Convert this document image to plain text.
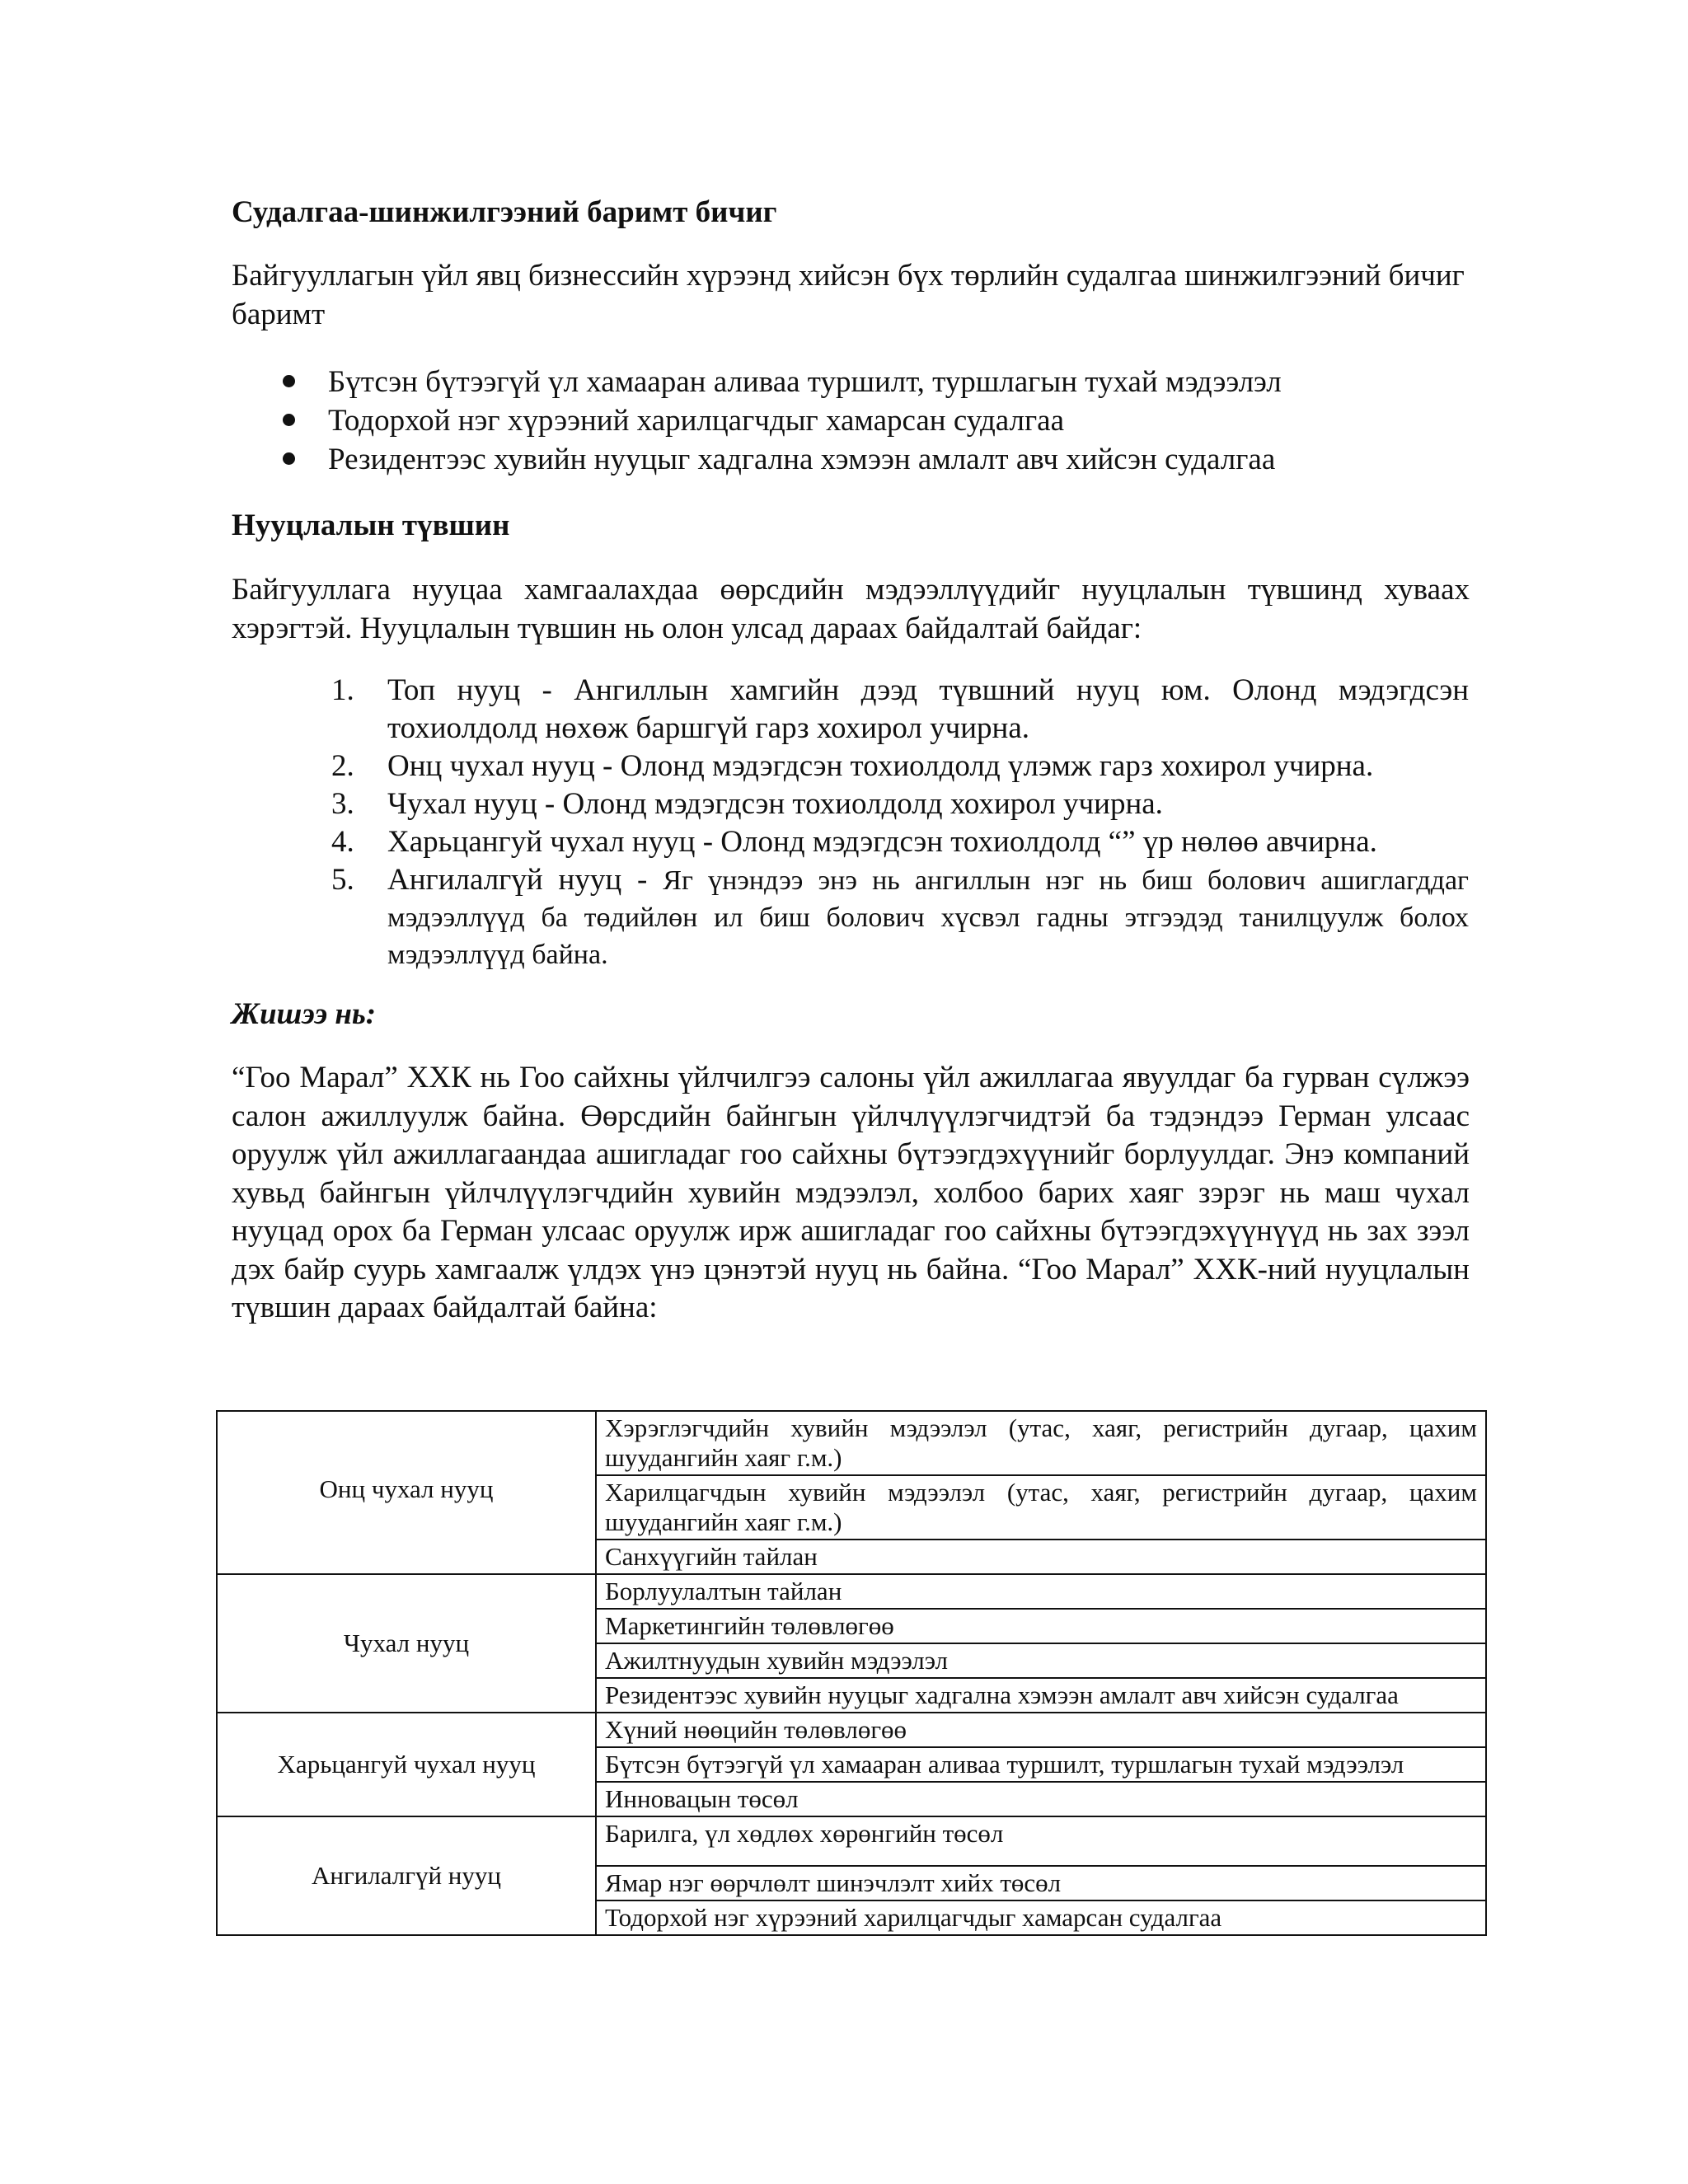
Судалгаа-шинжилгээний баримт бичиг

Байгууллагын үйл явц бизнессийн хүрээнд хийсэн бүх төрлийн судалгаа шинжилгээний бичиг баримт

Бүтсэн бүтээгүй үл хамааран аливаа туршилт, туршлагын тухай мэдээлэл
Тодорхой нэг хүрээний харилцагчдыг хамарсан судалгаа
Резидентээс хувийн нууцыг хадгална хэмээн амлалт авч хийсэн судалгаа
Нууцлалын түвшин

Байгууллага нууцаа хамгаалахдаа өөрсдийн мэдээллүүдийг нууцлалын түвшинд хуваах хэрэгтэй. Нууцлалын түвшин нь олон улсад дараах байдалтай байдаг:

1. Топ нууц - Ангиллын хамгийн дээд түвшний нууц юм. Олонд мэдэгдсэн тохиолдолд нөхөж баршгүй гарз хохирол учирна.
2. Онц чухал нууц - Олонд мэдэгдсэн тохиолдолд үлэмж гарз хохирол учирна.
3. Чухал нууц - Олонд мэдэгдсэн тохиолдолд хохирол учирна.
4. Харьцангуй чухал нууц - Олонд мэдэгдсэн тохиолдолд “” үр нөлөө авчирна.
5. Ангилалгүй нууц - Яг үнэндээ энэ нь ангиллын нэг нь биш болович ашиглагддаг мэдээллүүд ба төдийлөн ил биш болович хүсвэл гадны этгээдэд танилцуулж болох мэдээллүүд байна.
Жишээ нь:

“Гоо Марал” ХХК нь Гоо сайхны үйлчилгээ салоны үйл ажиллагаа явуулдаг ба гурван сүлжээ салон ажиллуулж байна. Өөрсдийн байнгын үйлчлүүлэгчидтэй ба тэдэндээ Герман улсаас оруулж үйл ажиллагаандаа ашигладаг гоо сайхны бүтээгдэхүүнийг борлуулдаг. Энэ компаний хувьд байнгын үйлчлүүлэгчдийн хувийн мэдээлэл, холбоо барих хаяг зэрэг нь маш чухал нууцад орох ба Герман улсаас оруулж ирж ашигладаг гоо сайхны бүтээгдэхүүнүүд нь зах зээл дэх байр суурь хамгаалж үлдэх үнэ цэнэтэй нууц нь байна. “Гоо Марал” ХХК-ний нууцлалын түвшин дараах байдалтай байна:

Онц чухал нууц	Хэрэглэгчдийн хувийн мэдээлэл (утас, хаяг, регистрийн дугаар, цахим шуудангийн хаяг г.м.)
	Харилцагчдын хувийн мэдээлэл (утас, хаяг, регистрийн дугаар, цахим шуудангийн хаяг г.м.)
	Санхүүгийн тайлан
Чухал нууц	Борлуулалтын тайлан
	Маркетингийн төлөвлөгөө
	Ажилтнуудын хувийн мэдээлэл
	Резидентээс хувийн нууцыг хадгална хэмээн амлалт авч хийсэн судалгаа
Харьцангуй чухал нууц	Хүний нөөцийн төлөвлөгөө
	Бүтсэн бүтээгүй үл хамааран аливаа туршилт, туршлагын тухай мэдээлэл
	Инновацын төсөл
Ангилалгүй нууц	Барилга, үл хөдлөх хөрөнгийн төсөл
	Ямар нэг өөрчлөлт шинэчлэлт хийх төсөл
	Тодорхой нэг хүрээний харилцагчдыг хамарсан судалгаа
